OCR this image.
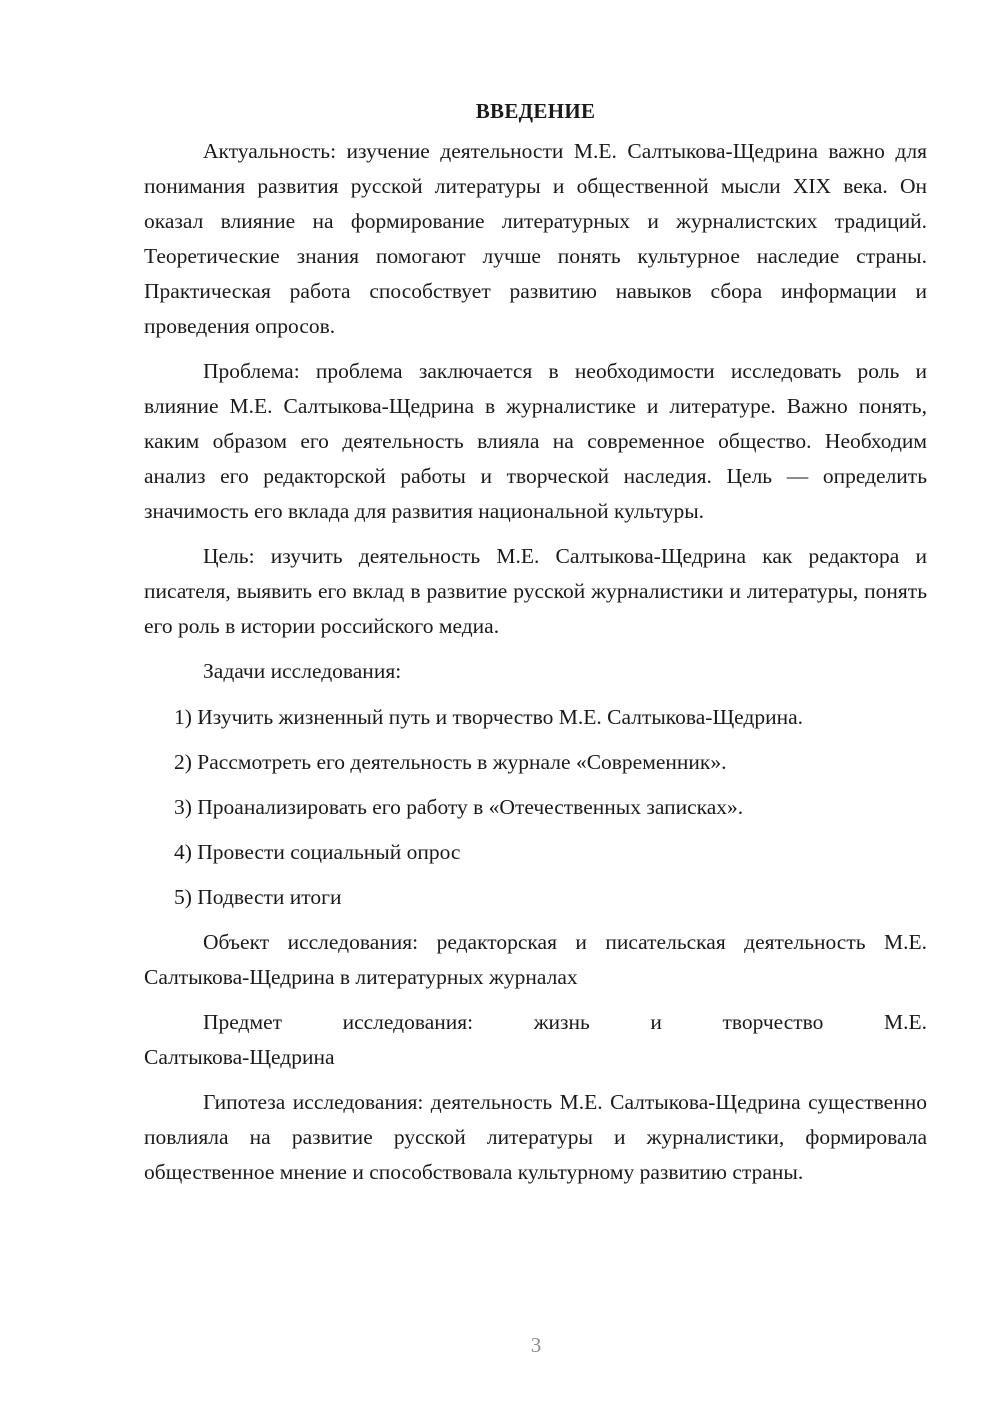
ВВЕДЕНИЕ

Актуальность: изучение деятельности М.Е. Салтыкова-Щедрина важно для понимания развития русской литературы и общественной мысли XIX века. Он оказал влияние на формирование литературных и журналистских традиций. Теоретические знания помогают лучше понять культурное наследие страны. Практическая работа способствует развитию навыков сбора информации и проведения опросов.

Проблема: проблема заключается в необходимости исследовать роль и влияние М.Е. Салтыкова-Щедрина в журналистике и литературе. Важно понять, каким образом его деятельность влияла на современное общество. Необходим анализ его редакторской работы и творческой наследия. Цель — определить значимость его вклада для развития национальной культуры.

Цель: изучить деятельность М.Е. Салтыкова-Щедрина как редактора и писателя, выявить его вклад в развитие русской журналистики и литературы, понять его роль в истории российского медиа.

Задачи исследования:

1) Изучить жизненный путь и творчество М.Е. Салтыкова-Щедрина.
2) Рассмотреть его деятельность в журнале «Современник».
3) Проанализировать его работу в «Отечественных записках».
4) Провести социальный опрос
5) Подвести итоги

Объект исследования: редакторская и писательская деятельность М.Е. Салтыкова-Щедрина в литературных журналах

Предмет исследования: жизнь и творчество М.Е.
Салтыкова-Щедрина

Гипотеза исследования: деятельность М.Е. Салтыкова-Щедрина существенно повлияла на развитие русской литературы и журналистики, формировала общественное мнение и способствовала культурному развитию страны.

3
